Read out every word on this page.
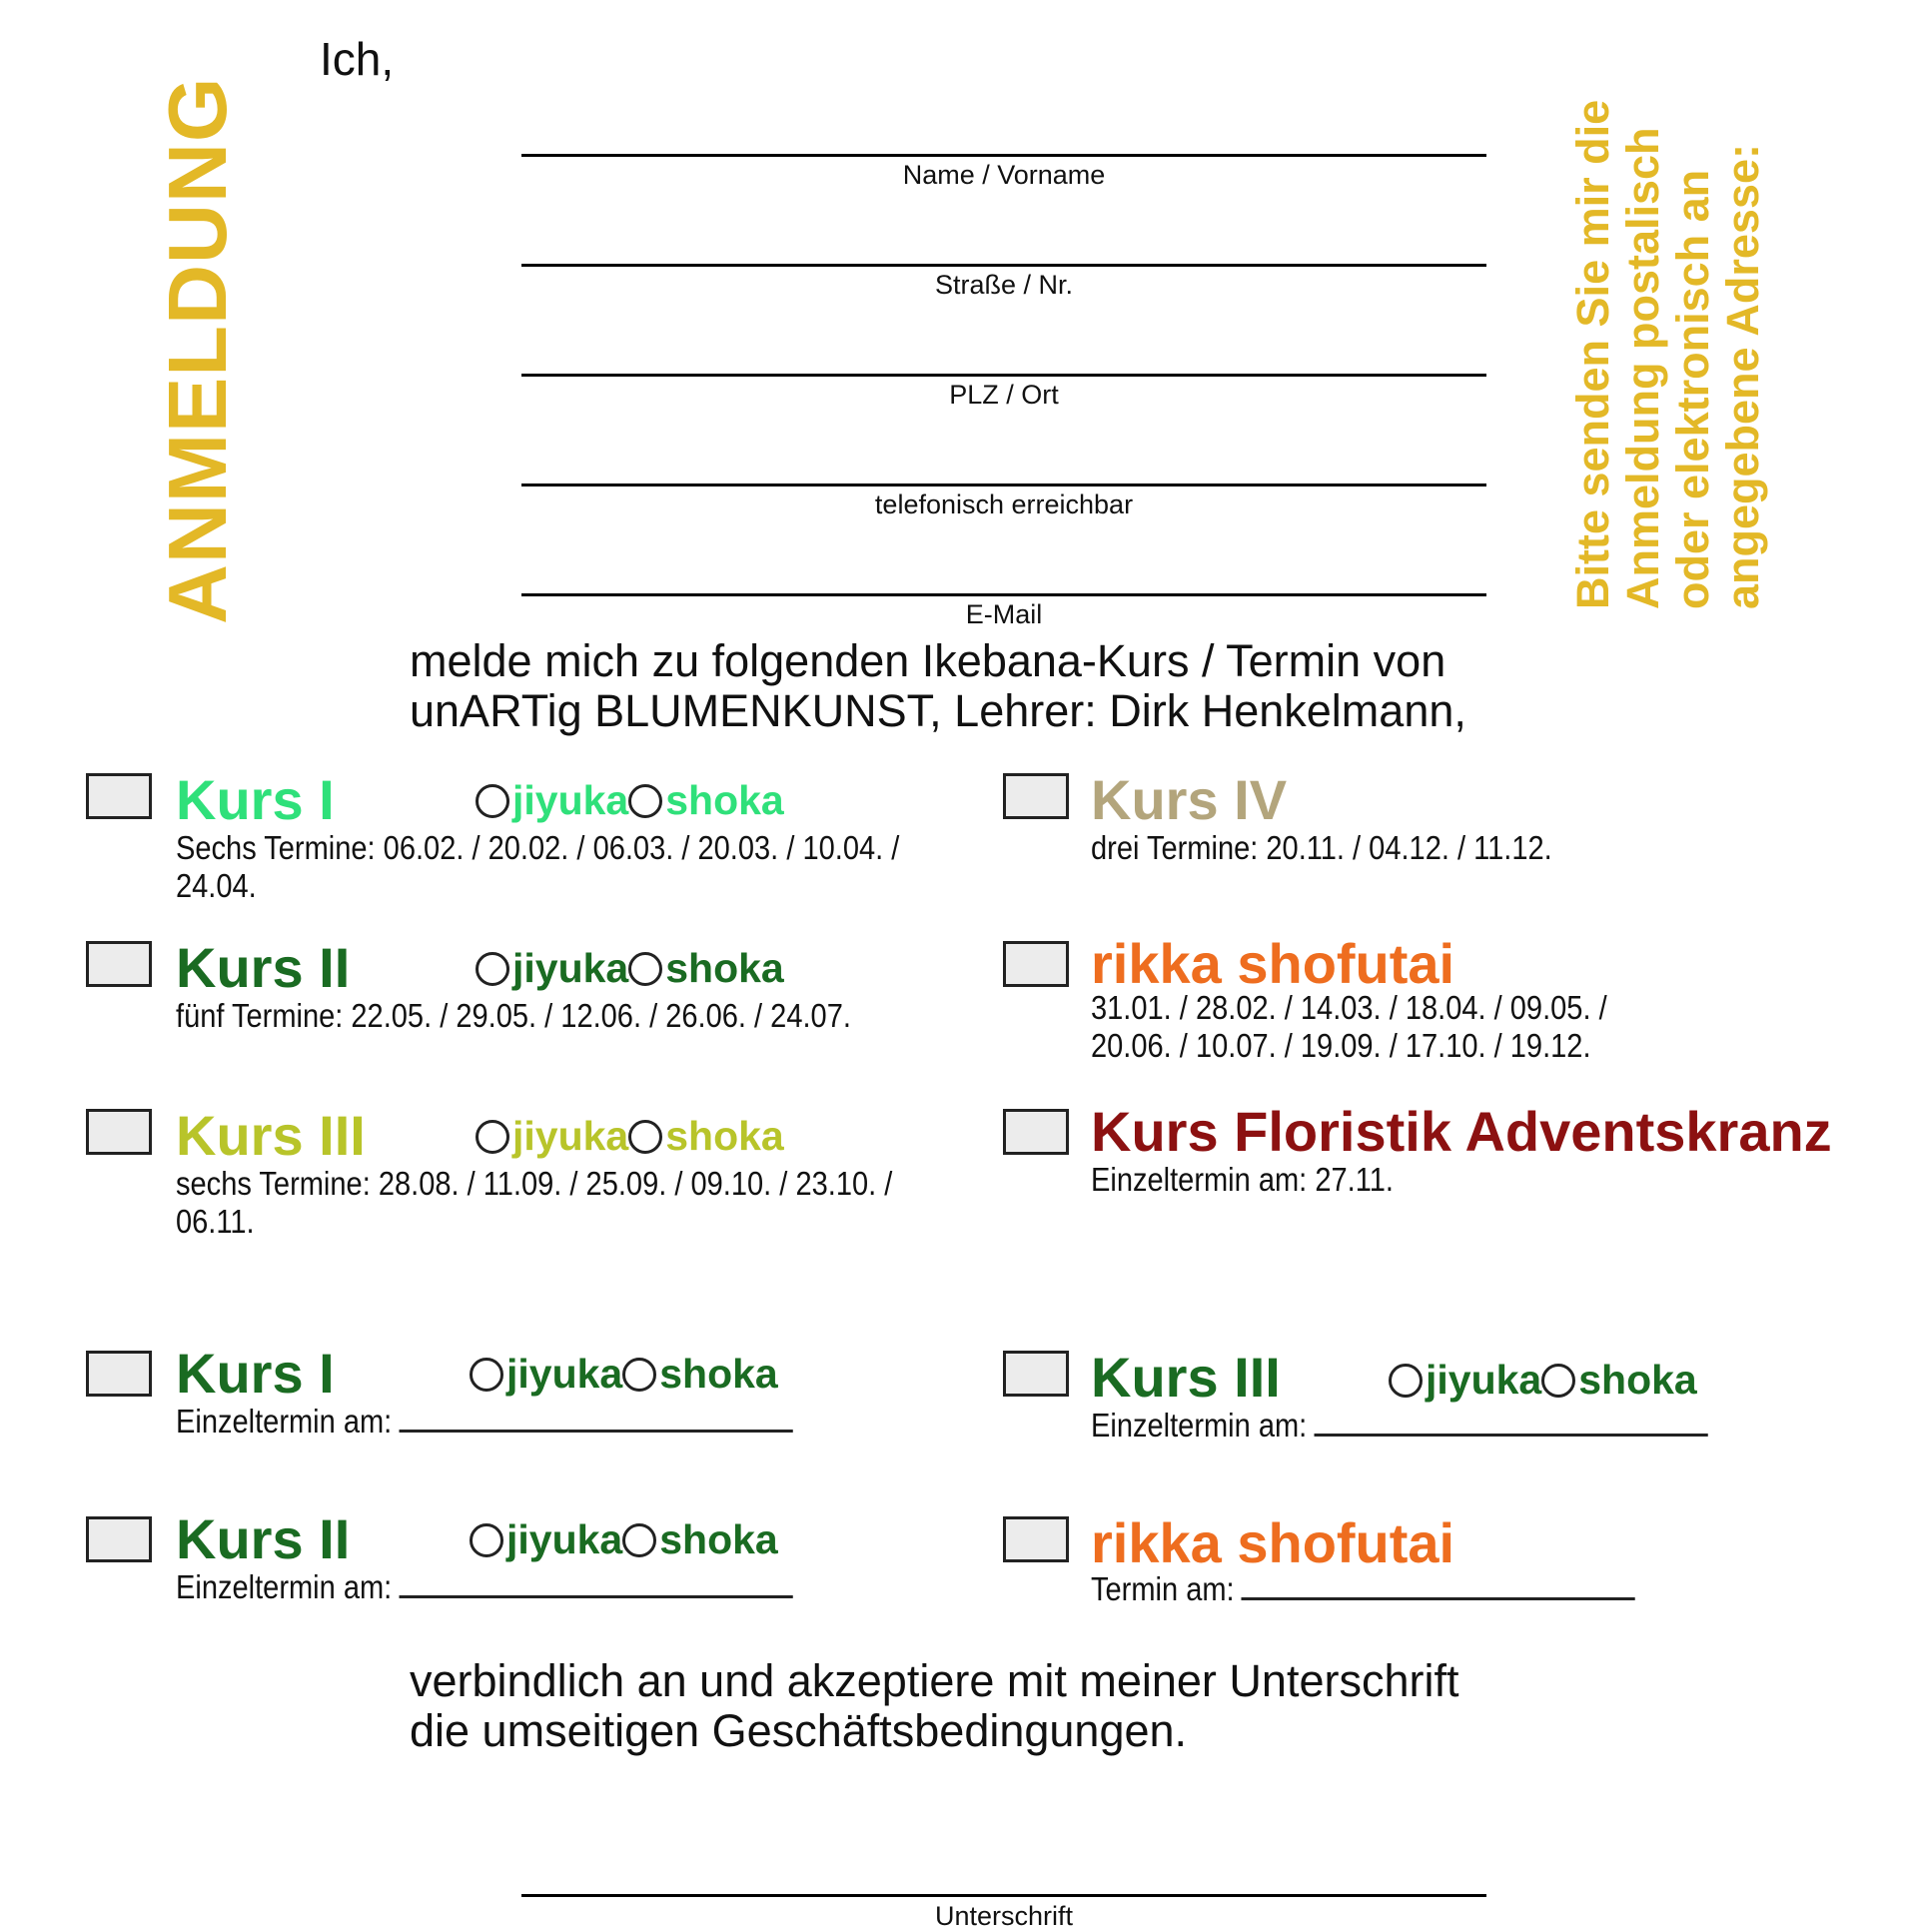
ANMELDUNG	Bitte senden Sie mir die Anmeldung postalisch oder elektronisch an angegebene Adresse:
Ich,
Name / Vorname
Straße / Nr.
PLZ / Ort
telefonisch erreichbar
E-Mail
melde mich zu folgenden Ikebana-Kurs / Termin von
unARTig BLUMENKUNST, Lehrer: Dirk Henkelmann,
Kurs I	jiyuka shoka
Sechs Termine: 06.02. / 20.02. / 06.03. / 20.03. / 10.04. /
24.04.
Kurs II	jiyuka shoka
fünf Termine: 22.05. / 29.05. / 12.06. / 26.06. / 24.07.
Kurs III	jiyuka shoka
sechs Termine: 28.08. / 11.09. / 25.09. / 09.10. / 23.10. /
06.11.
Kurs IV
drei Termine: 20.11. / 04.12. / 11.12.
rikka shofutai
31.01. / 28.02. / 14.03. / 18.04. / 09.05. /
20.06. / 10.07. / 19.09. / 17.10. / 19.12.
Kurs Floristik Adventskranz
Einzeltermin am: 27.11.
Kurs I	jiyuka shoka
Einzeltermin am:
Kurs II	jiyuka shoka
Einzeltermin am:
Kurs III	jiyuka shoka
Einzeltermin am:
rikka shofutai
Termin am:
verbindlich an und akzeptiere mit meiner Unterschrift
die umseitigen Geschäftsbedingungen.
Unterschrift
